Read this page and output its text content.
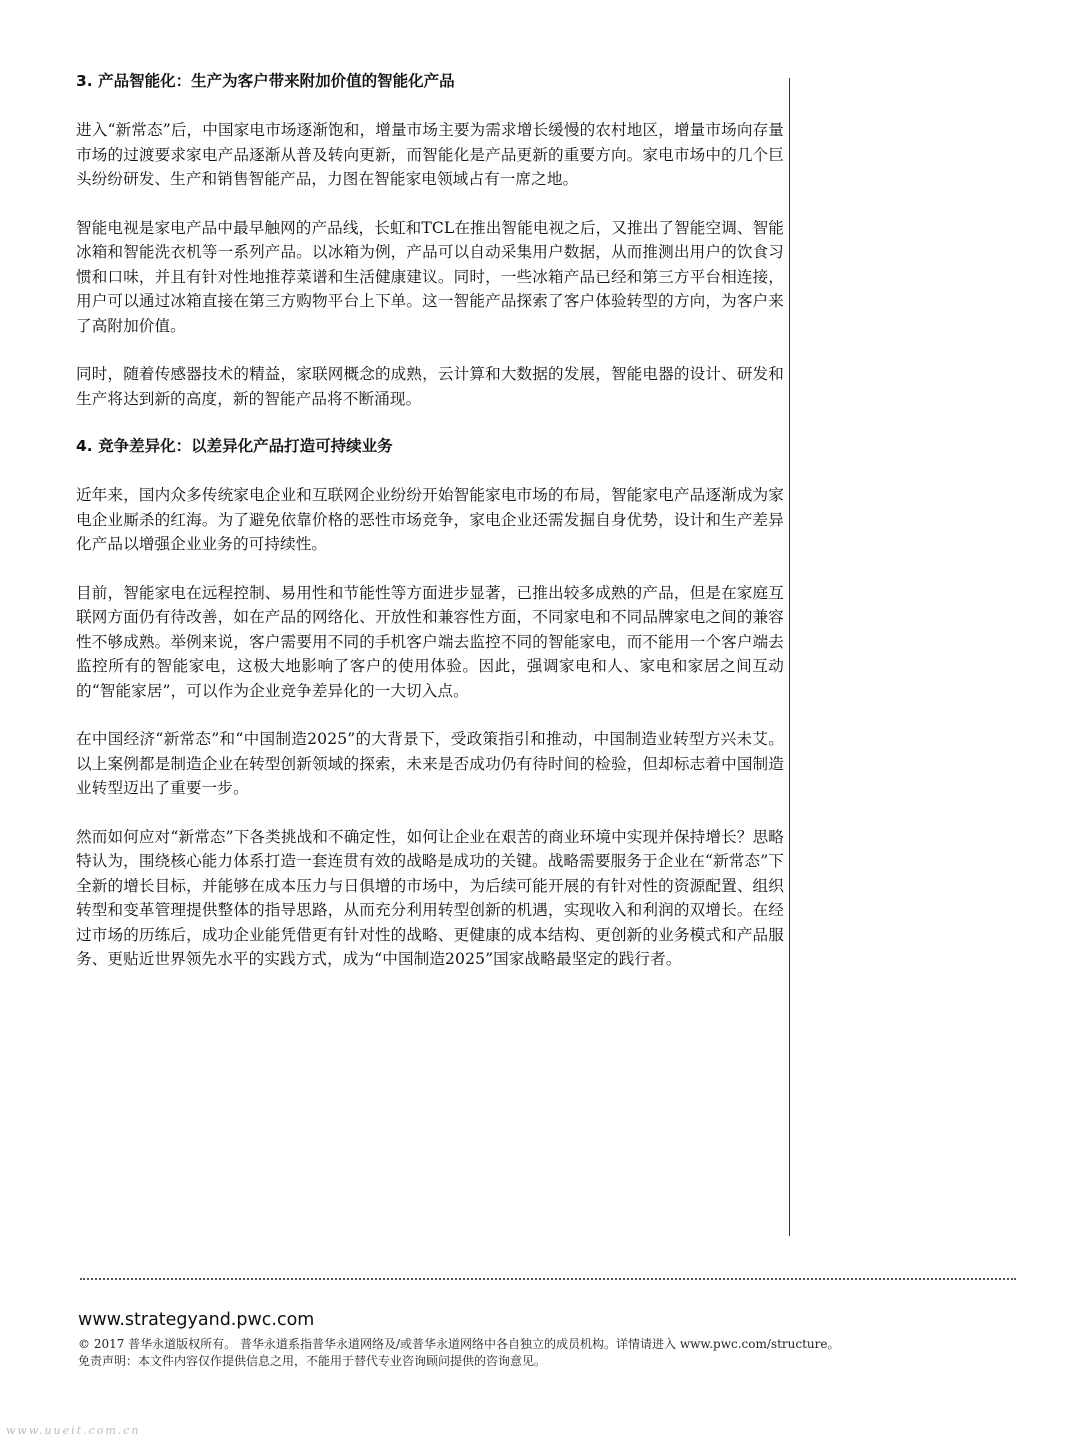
3. 产品智能化：生产为客户带来附加价值的智能化产品

进入“新常态”后，中国家电市场逐渐饱和，增量市场主要为需求增长缓慢的农村地区，增量市场向存量市场的过渡要求家电产品逐渐从普及转向更新，而智能化是产品更新的重要方向。家电市场中的几个巨头纷纷研发、生产和销售智能产品，力图在智能家电领域占有一席之地。

智能电视是家电产品中最早触网的产品线，长虹和TCL在推出智能电视之后，又推出了智能空调、智能冰箱和智能洗衣机等一系列产品。以冰箱为例，产品可以自动采集用户数据，从而推测出用户的饮食习惯和口味，并且有针对性地推荐菜谱和生活健康建议。同时，一些冰箱产品已经和第三方平台相连接，用户可以通过冰箱直接在第三方购物平台上下单。这一智能产品探索了客户体验转型的方向，为客户来了高附加价值。

同时，随着传感器技术的精益，家联网概念的成熟，云计算和大数据的发展，智能电器的设计、研发和生产将达到新的高度，新的智能产品将不断涌现。

4. 竞争差异化：以差异化产品打造可持续业务

近年来，国内众多传统家电企业和互联网企业纷纷开始智能家电市场的布局，智能家电产品逐渐成为家电企业厮杀的红海。为了避免依靠价格的恶性市场竞争，家电企业还需发掘自身优势，设计和生产差异化产品以增强企业业务的可持续性。

目前，智能家电在远程控制、易用性和节能性等方面进步显著，已推出较多成熟的产品，但是在家庭互联网方面仍有待改善，如在产品的网络化、开放性和兼容性方面，不同家电和不同品牌家电之间的兼容性不够成熟。举例来说，客户需要用不同的手机客户端去监控不同的智能家电，而不能用一个客户端去监控所有的智能家电，这极大地影响了客户的使用体验。因此，强调家电和人、家电和家居之间互动的“智能家居”，可以作为企业竞争差异化的一大切入点。

在中国经济“新常态”和“中国制造2025”的大背景下，受政策指引和推动，中国制造业转型方兴未艾。以上案例都是制造企业在转型创新领域的探索，未来是否成功仍有待时间的检验，但却标志着中国制造业转型迈出了重要一步。

然而如何应对“新常态”下各类挑战和不确定性，如何让企业在艰苦的商业环境中实现并保持增长？思略特认为，围绕核心能力体系打造一套连贯有效的战略是成功的关键。战略需要服务于企业在“新常态”下全新的增长目标，并能够在成本压力与日俱增的市场中，为后续可能开展的有针对性的资源配置、组织转型和变革管理提供整体的指导思路，从而充分利用转型创新的机遇，实现收入和利润的双增长。在经过市场的历练后，成功企业能凭借更有针对性的战略、更健康的成本结构、更创新的业务模式和产品服务、更贴近世界领先水平的实践方式，成为“中国制造2025”国家战略最坚定的践行者。

www.strategyand.pwc.com
© 2017 普华永道版权所有。 普华永道系指普华永道网络及/或普华永道网络中各自独立的成员机构。详情请进入 www.pwc.com/structure。
免责声明：本文件内容仅作提供信息之用，不能用于替代专业咨询顾问提供的咨询意见。
www.uueit.com.cn
